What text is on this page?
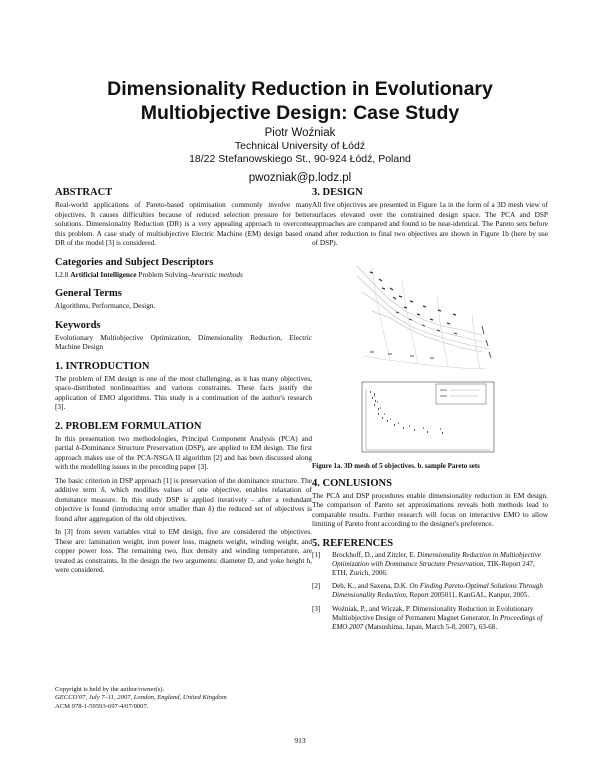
Dimensionality Reduction in Evolutionary
Multiobjective Design: Case Study
Piotr Woźniak
Technical University of Łódź
18/22 Stefanowskiego St., 90-924 Łódź, Poland
pwozniak@p.lodz.pl
ABSTRACT

Real-world applications of Pareto-based optimisation commonly involve many objectives. It causes difficulties because of reduced selection pressure for better solutions. Dimensionality Reduction (DR) is a very appealing approach to overcome this problem. A case study of multiobjective Electric Machine (EM) design based on DR of the model [3] is considered.

Categories and Subject Descriptors

I.2.8 Artificial Intelligence Problem Solving–heuristic methods

General Terms

Algorithms, Performance, Design.

Keywords

Evolutionary Multiobjective Optimization, Dimensionality Reduction, Electric Machine Design

1. INTRODUCTION

The problem of EM design is one of the most challenging, as it has many objectives, space-distributed nonlinearities and various constraints. These facts justify the application of EMO algorithms. This study is a continuation of the author's research [3].

2. PROBLEM FORMULATION

In this presentation two methodologies, Principal Component Analysis (PCA) and partial δ-Dominance Structure Preservation (DSP), are applied to EM design. The first approach makes use of the PCA-NSGA II algorithm [2] and has been discussed along with the modelling issues in the preceding paper [3].

The basic criterion in DSP approach [1] is preservation of the dominance structure. The additive term δ, which modifies values of one objective, enables relaxation of dominance measure. In this study DSP is applied iteratively - after a redundant objective is found (introducing error smaller than δ) the reduced set of objectives is found after aggregation of the old objectives.

In [3] from seven variables vital to EM design, five are considered the objectives. These are: lamination weight, iron power loss, magnets weight, winding weight, and copper power loss. The remaining two, flux density and winding temperature, are treated as constraints. In the design the two arguments: diameter D, and yoke height h, were considered.

Copyright is held by the author/owner(s).
GECCO'07, July 7–11, 2007, London, England, United Kingdom
ACM 978-1-59593-697-4/07/0007.
3. DESIGN

All five objectives are presented in Figure 1a in the form of a 3D mesh view of surfaces elevated over the constrained design space. The PCA and DSP approaches are compared and found to be near-identical. The Pareto sets before and after reduction to final two objectives are shown in Figure 1b (here by use of DSP).

Figure 1a. 3D mesh of 5 objectives. b. sample Pareto sets

4. CONLUSIONS

The PCA and DSP procedures enable dimensionality reduction in EM design. The comparison of Pareto set approximations reveals both methods lead to comparable results. Further research will focus on interactive EMO to allow limiting of Pareto front according to the designer's preference.

5. REFERENCES
[1] Brockhoff, D., and Zitzler, E. Dimensionality Reduction in Multiobjective Optimization with Dominance Structure Preservation, TIK-Report 247, ETH, Zurich, 2006.
[2] Deb, K., and Saxena, D.K. On Finding Pareto-Optimal Solutions Through Dimensionality Reduction, Report 2005011, KanGAL, Kanpur, 2005.
[3] Woźniak, P., and Wiczak, P. Dimensionality Reduction in Evolutionary Multiobjective Design of Permanent Magnet Generator, In Proceedings of EMO 2007 (Matsushima, Japan, March 5-8, 2007), 63-68.
913
